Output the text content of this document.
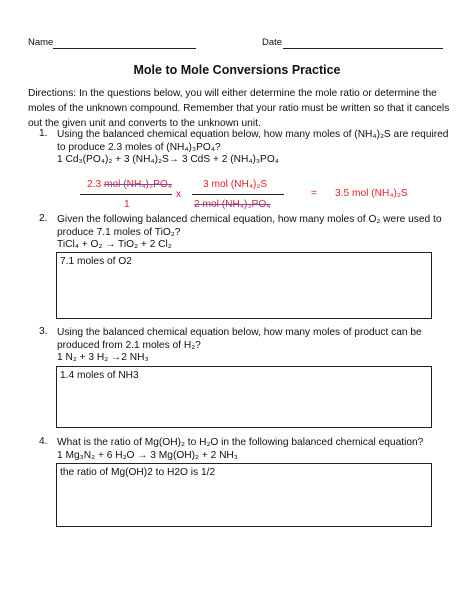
Name	Date
Mole to Mole Conversions Practice
Directions: In the questions below, you will either determine the mole ratio or determine the moles of the unknown compound. Remember that your ratio must be written so that it cancels out the given unit and converts to the unknown unit.
1. Using the balanced chemical equation below, how many moles of (NH₄)₂S are required to produce 2.3 moles of (NH₄)₃PO₄?
1 Cd₃(PO₄)₂ + 3 (NH₄)₂S→ 3 CdS + 2 (NH₄)₃PO₄
2.3 mol (NH₄)₃PO₄
1
x
3 mol (NH₄)₂S
2 mol (NH₄)₃PO₄
= 3.5 mol (NH₄)₂S
2. Given the following balanced chemical equation, how many moles of O₂ were used to produce 7.1 moles of TiO₂?
TiCl₄ + O₂ → TiO₂ + 2 Cl₂
7.1 moles of O2
3. Using the balanced chemical equation below, how many moles of product can be produced from 2.1 moles of H₂?
1 N₂ + 3 H₂ →2 NH₃
1.4 moles of NH3
4. What is the ratio of Mg(OH)₂ to H₂O in the following balanced chemical equation?
1 Mg₃N₂ + 6 H₂O → 3 Mg(OH)₂ + 2 NH₃
the ratio of Mg(OH)2 to H2O is 1/2
